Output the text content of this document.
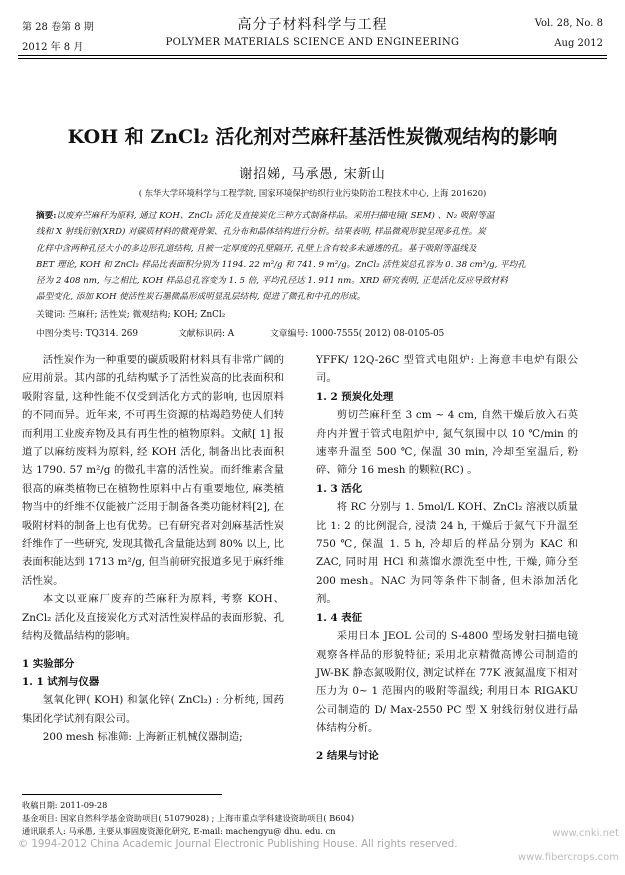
第 28 卷第 8 期
2012 年 8 月
高分子材料科学与工程
POLYMER MATERIALS SCIENCE AND ENGINEERING
Vol. 28, No. 8
Aug 2012
KOH 和 ZnCl₂ 活化剂对苎麻秆基活性炭微观结构的影响
谢招娣, 马承愚, 宋新山
( 东华大学环境科学与工程学院, 国家环境保护纺织行业污染防治工程技术中心, 上海 201620)
摘要:以废弃苎麻秆为原料, 通过 KOH、ZnCl₂ 活化及直接炭化三种方式制备样品。采用扫描电镜( SEM) 、N₂ 吸附等温
线和 X 射线衍射(XRD) 对碳质材料的微观骨架、孔分布和晶体结构进行分析。结果表明, 样品微观形貌呈现多孔性。炭
化样中含两种孔径大小的多边形孔道结构, 且被一定厚度的孔壁隔开, 孔壁上含有较多未通透的孔。基于吸附等温线及
BET 理论, KOH 和 ZnCl₂ 样品比表面积分别为 1194. 22 m²/g 和 741. 9 m²/g。ZnCl₂ 活性炭总孔容为 0. 38 cm³/g, 平均孔
径为 2 408 nm, 与之相比, KOH 样品总孔容变为 1. 5 倍, 平均孔径达 1. 911 nm。XRD 研究表明, 正是活化反应导致材料
晶型变化, 添加 KOH 使活性炭石墨微晶形成明显乱层结构, 促进了微孔和中孔的形成。
关键词: 苎麻秆; 活性炭; 微观结构; KOH; ZnCl₂
中图分类号: TQ314. 269	文献标识码: A	文章编号: 1000-7555( 2012) 08-0105-05

活性炭作为一种重要的碳质吸附材料具有非常广阔的应用前景。其内部的孔结构赋予了活性炭高的比表面积和吸附容量, 这种性能不仅受到活化方式的影响, 也因原料的不同而异。近年来, 不可再生资源的枯竭趋势使人们转而利用工业废弃物及具有再生性的植物原料。文献[ 1] 报道了以麻纺废料为原料, 经 KOH 活化, 制备出比表面积达 1790. 57 m²/g 的微孔丰富的活性炭。而纤维素含量很高的麻类植物已在植物性原料中占有重要地位, 麻类植物当中的纤维不仅能被广泛用于制备各类功能材料[2], 在吸附材料的制备上也有优势。已有研究者对剑麻基活性炭纤维作了一些研究, 发现其微孔含量能达到 80% 以上, 比表面积能达到 1713 m²/g, 但当前研究报道多见于麻纤维活性炭。

本文以亚麻厂废弃的苎麻秆为原料, 考察 KOH、ZnCl₂ 活化及直接炭化方式对活性炭样品的表面形貌、孔结构及微晶结构的影响。

1 实验部分
1. 1 试剂与仪器

氢氧化钾( KOH) 和氯化锌( ZnCl₂) : 分析纯, 国药集团化学试剂有限公司。

200 mesh 标准筛: 上海新正机械仪器制造;

YFFK/ 12Q-26C 型管式电阻炉: 上海意丰电炉有限公司。

1. 2 预炭化处理

剪切苎麻秆至 3 cm ~ 4 cm, 自然干燥后放入石英舟内并置于管式电阻炉中, 氮气氛围中以 10 ℃/min 的速率升温至 500 ℃, 保温 30 min, 冷却至室温后, 粉碎、筛分 16 mesh 的颗粒(RC) 。

1. 3 活化

将 RC 分别与 1. 5mol/L KOH、ZnCl₂ 溶液以质量比 1: 2 的比例混合, 浸渍 24 h, 干燥后于氮气下升温至 750 ℃, 保温 1. 5 h, 冷却后的样品分别为 KAC 和 ZAC, 同时用 HCl 和蒸馏水漂洗至中性, 干燥, 筛分至 200 mesh。NAC 为同等条件下制备, 但未添加活化剂。

1. 4 表征

采用日本 JEOL 公司的 S-4800 型场发射扫描电镜观察各样品的形貌特征; 采用北京精微高博公司制造的 JW-BK 静态氮吸附仪, 测定试样在 77K 液氮温度下相对压力为 0~ 1 范围内的吸附等温线; 利用日本 RIGAKU 公司制造的 D/ Max-2550 PC 型 X 射线衍射仪进行晶体结构分析。

2 结果与讨论
收稿日期: 2011-09-28
基金项目: 国家自然科学基金资助项目( 51079028) ; 上海市重点学科建设资助项目( B604)
通讯联系人: 马承愚, 主要从事固废资源化研究, E-mail: machengyu@ dhu. edu. cn
© 1994-2012 China Academic Journal Electronic Publishing House. All rights reserved.
www.cnki.net
www.fibercrops.com
